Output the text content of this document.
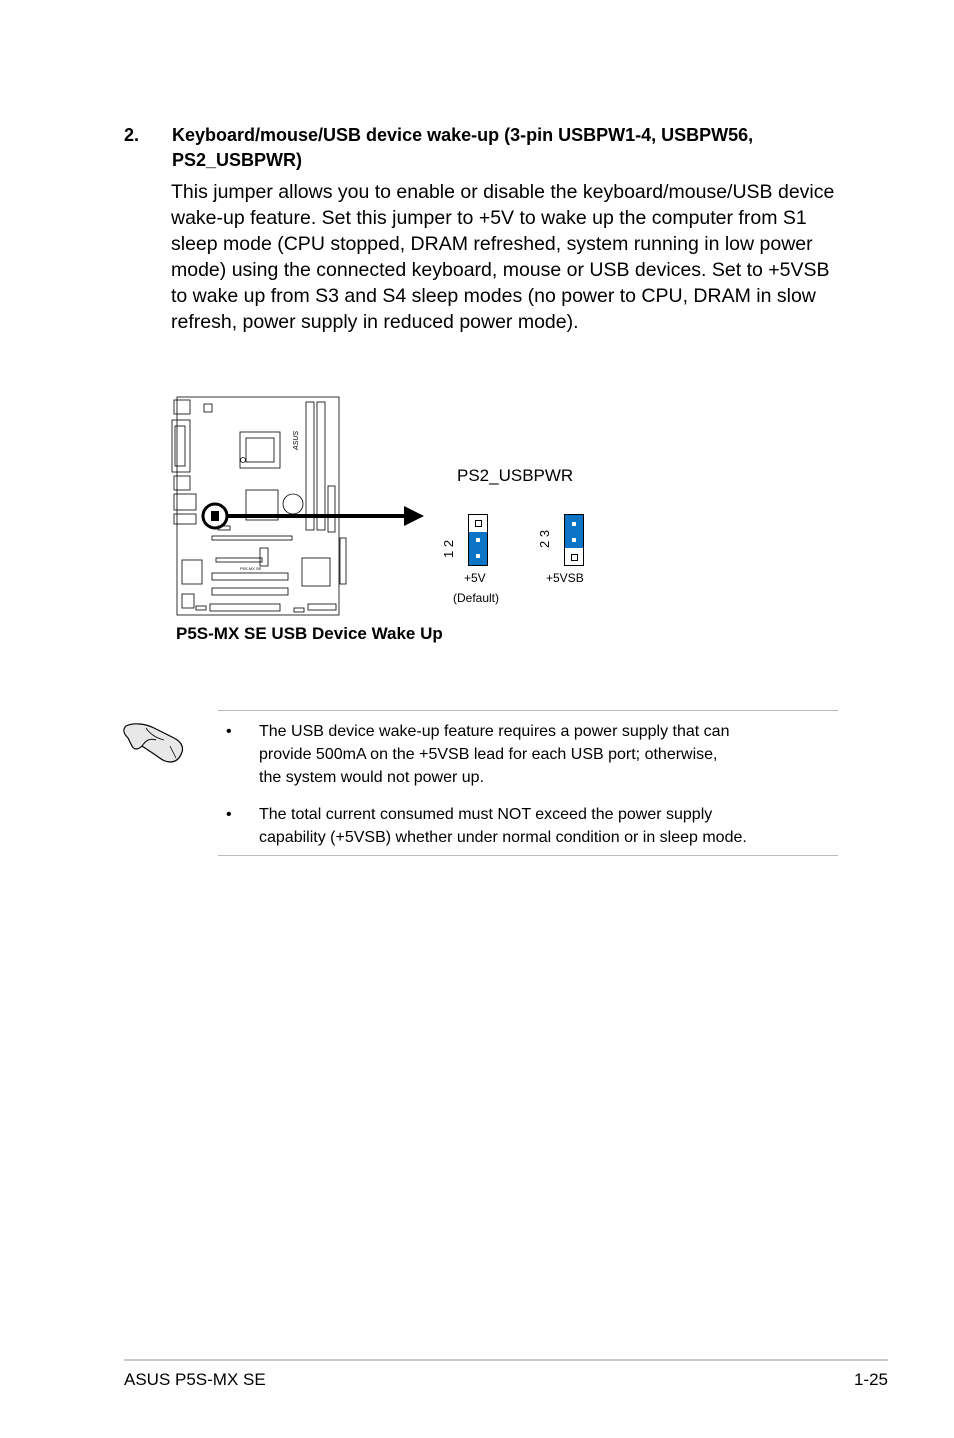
2. Keyboard/mouse/USB device wake-up (3-pin USBPW1-4, USBPW56,
PS2_USBPWR)
This jumper allows you to enable or disable the keyboard/mouse/USB device
wake-up feature. Set this jumper to +5V to wake up the computer from S1
sleep mode (CPU stopped, DRAM refreshed, system running in low power
mode) using the connected keyboard, mouse or USB devices. Set to +5VSB
to wake up from S3 and S4 sleep modes (no power to CPU, DRAM in slow
refresh, power supply in reduced power mode).
ASUS
P5S-MX SE
PS2_USBPWR
1 2
+5V
(Default)
2 3
+5VSB
P5S-MX SE USB Device Wake Up
• The USB device wake-up feature requires a power supply that can
provide 500mA on the +5VSB lead for each USB port; otherwise,
the system would not power up.
• The total current consumed must NOT exceed the power supply
capability (+5VSB) whether under normal condition or in sleep mode.
ASUS P5S-MX SE	1-25
